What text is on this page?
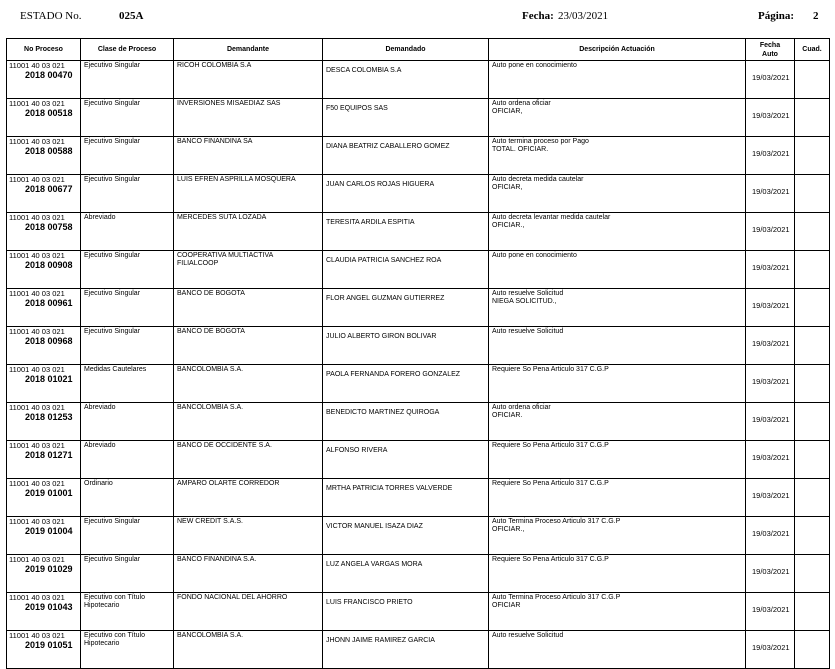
ESTADO No.	025A	Fecha: 23/03/2021	Página: 2
No Proceso	Clase de Proceso	Demandante	Demandado	Descripción Actuación	Fecha
Auto	Cuad.

11001 40 03 021
2018 00470	Ejecutivo Singular	RICOH COLOMBIA S.A	DESCA COLOMBIA S.A	Auto pone en conocimiento	19/03/2021	

11001 40 03 021
2018 00518	Ejecutivo Singular	INVERSIONES MISAEDIAZ SAS	F50 EQUIPOS SAS	Auto ordena oficiar
OFICIAR,	19/03/2021	

11001 40 03 021
2018 00588	Ejecutivo Singular	BANCO FINANDINA SA	DIANA BEATRIZ CABALLERO GOMEZ	Auto termina proceso por Pago
TOTAL. OFICIAR.	19/03/2021	

11001 40 03 021
2018 00677	Ejecutivo Singular	LUIS EFREN ASPRILLA MOSQUERA	JUAN CARLOS ROJAS HIGUERA	Auto decreta medida cautelar
OFICIAR,	19/03/2021	

11001 40 03 021
2018 00758	Abreviado	MERCEDES SUTA LOZADA	TERESITA ARDILA ESPITIA	Auto decreta levantar medida cautelar
OFICIAR.,	19/03/2021	

11001 40 03 021
2018 00908	Ejecutivo Singular	COOPERATIVA MULTIACTIVA
FILIALCOOP	CLAUDIA PATRICIA SANCHEZ ROA	Auto pone en conocimiento	19/03/2021	

11001 40 03 021
2018 00961	Ejecutivo Singular	BANCO DE BOGOTA	FLOR ANGEL GUZMAN GUTIERREZ	Auto resuelve Solicitud
NIEGA SOLICITUD.,	19/03/2021	

11001 40 03 021
2018 00968	Ejecutivo Singular	BANCO DE BOGOTA	JULIO ALBERTO GIRON BOLIVAR	Auto resuelve Solicitud	19/03/2021	

11001 40 03 021
2018 01021	Medidas Cautelares	BANCOLOMBIA S.A.	PAOLA FERNANDA FORERO GONZALEZ	Requiere So Pena Articulo 317 C.G.P	19/03/2021	

11001 40 03 021
2018 01253	Abreviado	BANCOLOMBIA S.A.	BENEDICTO MARTINEZ QUIROGA	Auto ordena oficiar
OFICIAR.	19/03/2021	

11001 40 03 021
2018 01271	Abreviado	BANCO DE OCCIDENTE S.A.	ALFONSO RIVERA	Requiere So Pena Articulo 317 C.G.P	19/03/2021	

11001 40 03 021
2019 01001	Ordinario	AMPARO OLARTE CORREDOR	MRTHA PATRICIA TORRES VALVERDE	Requiere So Pena Articulo 317 C.G.P	19/03/2021	

11001 40 03 021
2019 01004	Ejecutivo Singular	NEW CREDIT S.A.S.	VICTOR MANUEL ISAZA DIAZ	Auto Termina Proceso Articulo 317 C.G.P
OFICIAR.,	19/03/2021	

11001 40 03 021
2019 01029	Ejecutivo Singular	BANCO FINANDINA S.A.	LUZ ANGELA VARGAS MORA	Requiere So Pena Articulo 317 C.G.P	19/03/2021	

11001 40 03 021
2019 01043	Ejecutivo con Título
Hipotecario	FONDO NACIONAL DEL AHORRO	LUIS FRANCISCO PRIETO	Auto Termina Proceso Articulo 317 C.G.P
OFICIAR	19/03/2021	

11001 40 03 021
2019 01051	Ejecutivo con Título
Hipotecario	BANCOLOMBIA S.A.	JHONN JAIME RAMIREZ GARCIA	Auto resuelve Solicitud	19/03/2021	
